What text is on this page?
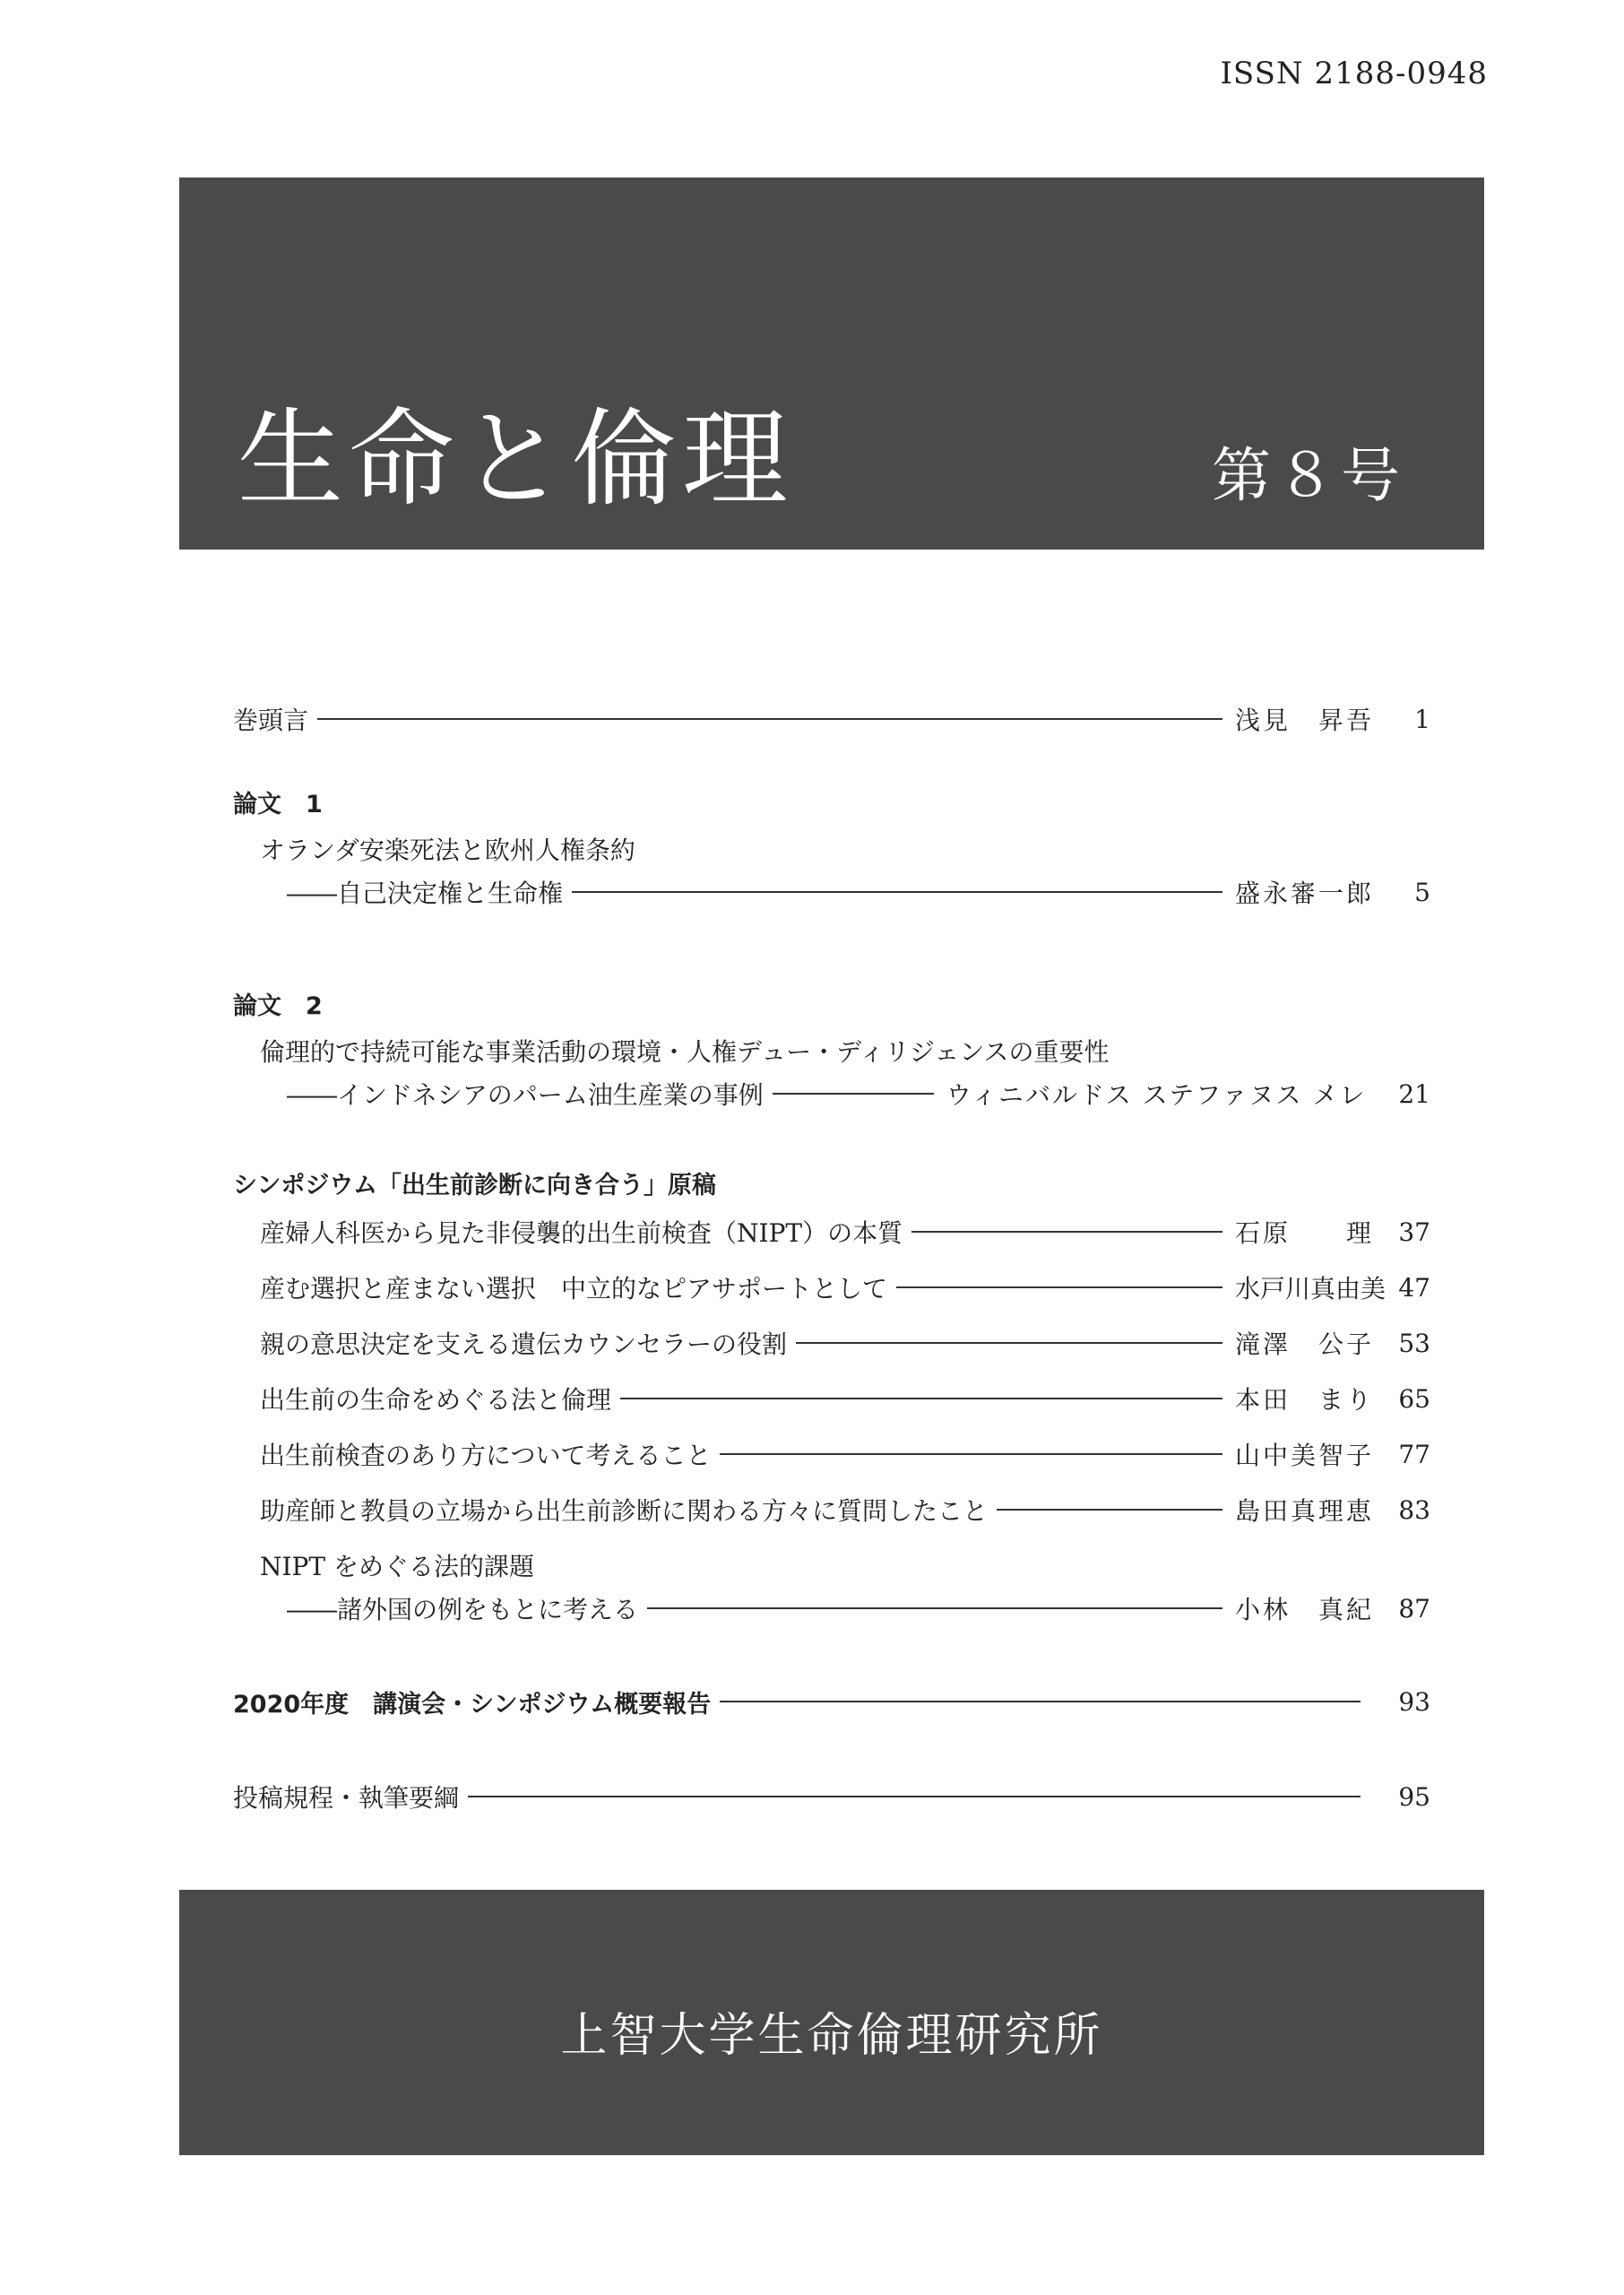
ISSN 2188-0948
生命と倫理	第８号
巻頭言	浅見　昇吾	1
論文　1
オランダ安楽死法と欧州人権条約
――自己決定権と生命権	盛永審一郎	5
論文　2
倫理的で持続可能な事業活動の環境・人権デュー・ディリジェンスの重要性
――インドネシアのパーム油生産業の事例	ウィニバルドス ステファヌス メレ	21
シンポジウム「出生前診断に向き合う」原稿
産婦人科医から見た非侵襲的出生前検査（NIPT）の本質	石原　　理	37
産む選択と産まない選択　中立的なピアサポートとして	水戸川真由美 47
親の意思決定を支える遺伝カウンセラーの役割	滝澤　公子	53
出生前の生命をめぐる法と倫理	本田　まり	65
出生前検査のあり方について考えること	山中美智子	77
助産師と教員の立場から出生前診断に関わる方々に質問したこと	島田真理恵	83
NIPT をめぐる法的課題
――諸外国の例をもとに考える	小林　真紀	87
2020年度　講演会・シンポジウム概要報告	93
投稿規程・執筆要綱	95
上智大学生命倫理研究所
